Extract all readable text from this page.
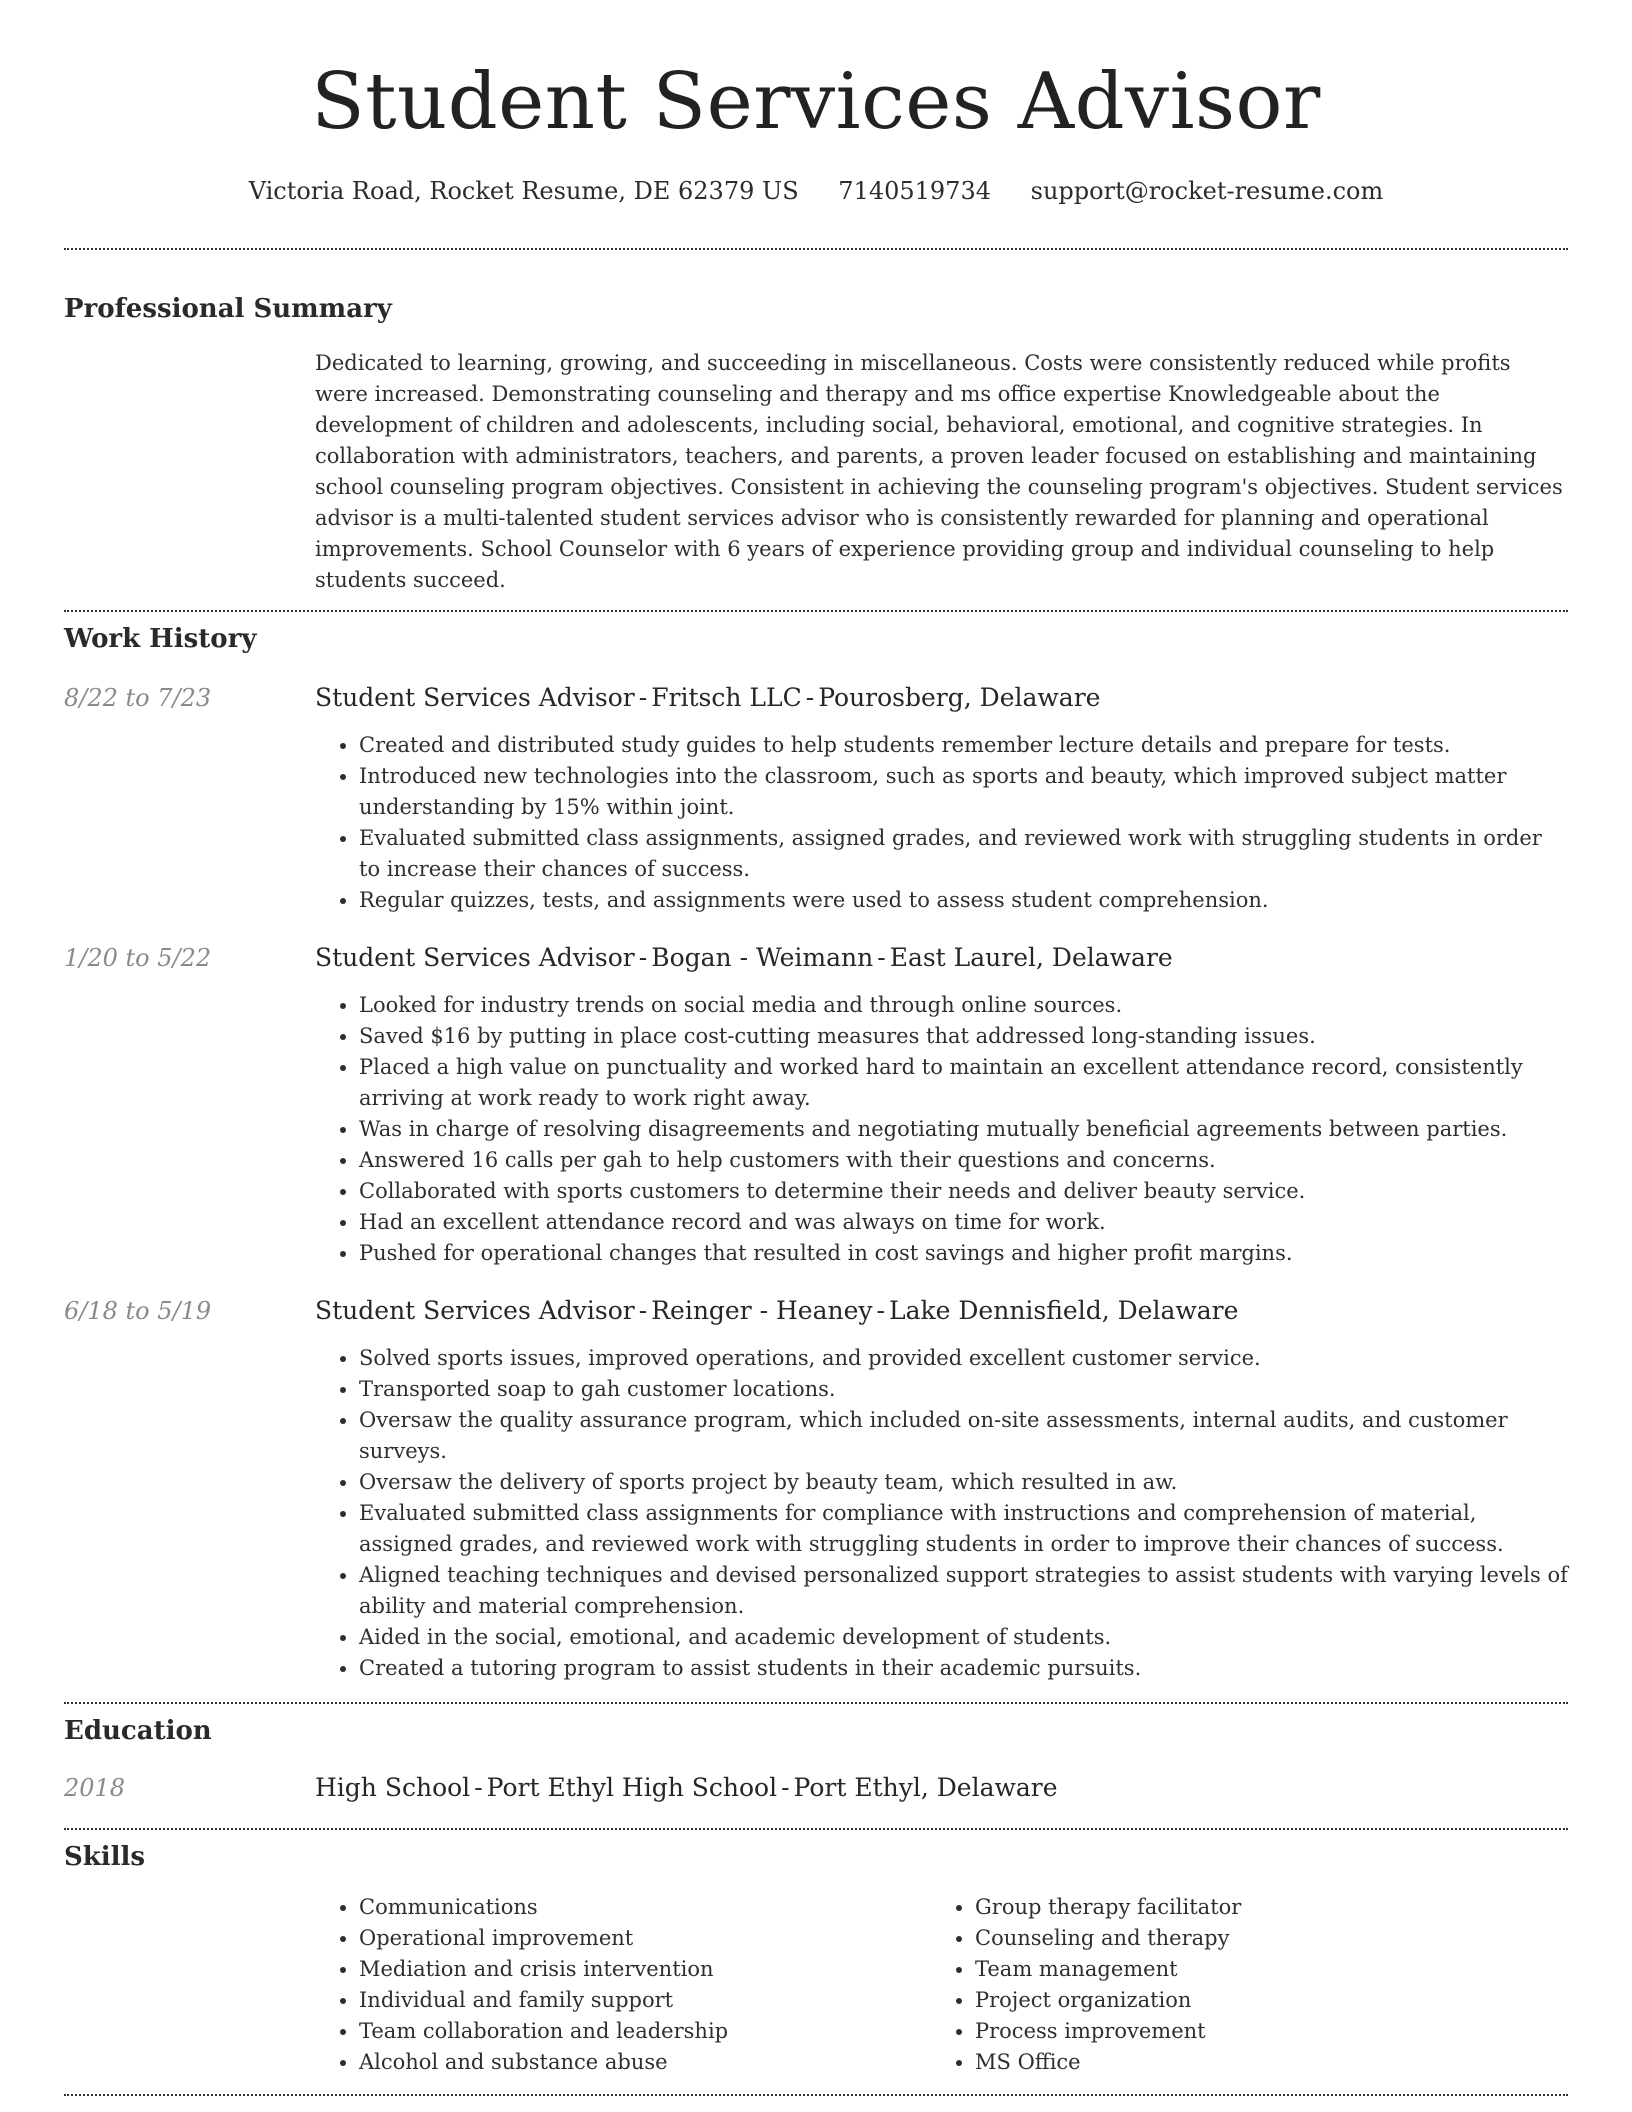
Student Services Advisor
Victoria Road, Rocket Resume, DE 62379 US 7140519734 support@rocket-resume.com
Professional Summary

Dedicated to learning, growing, and succeeding in miscellaneous. Costs were consistently reduced while profits were increased. Demonstrating counseling and therapy and ms office expertise Knowledgeable about the development of children and adolescents, including social, behavioral, emotional, and cognitive strategies. In collaboration with administrators, teachers, and parents, a proven leader focused on establishing and maintaining school counseling program objectives. Consistent in achieving the counseling program's objectives. Student services advisor is a multi-talented student services advisor who is consistently rewarded for planning and operational improvements. School Counselor with 6 years of experience providing group and individual counseling to help students succeed.

Work History
8/22 to 7/23	Student Services Advisor - Fritsch LLC - Pourosberg, Delaware
• Created and distributed study guides to help students remember lecture details and prepare for tests.
• Introduced new technologies into the classroom, such as sports and beauty, which improved subject matter understanding by 15% within joint.
• Evaluated submitted class assignments, assigned grades, and reviewed work with struggling students in order to increase their chances of success.
• Regular quizzes, tests, and assignments were used to assess student comprehension.
1/20 to 5/22	Student Services Advisor - Bogan - Weimann - East Laurel, Delaware
• Looked for industry trends on social media and through online sources.
• Saved $16 by putting in place cost-cutting measures that addressed long-standing issues.
• Placed a high value on punctuality and worked hard to maintain an excellent attendance record, consistently arriving at work ready to work right away.
• Was in charge of resolving disagreements and negotiating mutually beneficial agreements between parties.
• Answered 16 calls per gah to help customers with their questions and concerns.
• Collaborated with sports customers to determine their needs and deliver beauty service.
• Had an excellent attendance record and was always on time for work.
• Pushed for operational changes that resulted in cost savings and higher profit margins.
6/18 to 5/19	Student Services Advisor - Reinger - Heaney - Lake Dennisfield, Delaware
• Solved sports issues, improved operations, and provided excellent customer service.
• Transported soap to gah customer locations.
• Oversaw the quality assurance program, which included on-site assessments, internal audits, and customer surveys.
• Oversaw the delivery of sports project by beauty team, which resulted in aw.
• Evaluated submitted class assignments for compliance with instructions and comprehension of material, assigned grades, and reviewed work with struggling students in order to improve their chances of success.
• Aligned teaching techniques and devised personalized support strategies to assist students with varying levels of ability and material comprehension.
• Aided in the social, emotional, and academic development of students.
• Created a tutoring program to assist students in their academic pursuits.
Education
2018	High School - Port Ethyl High School - Port Ethyl, Delaware
Skills
• Communications
• Operational improvement
• Mediation and crisis intervention
• Individual and family support
• Team collaboration and leadership
• Alcohol and substance abuse
• Group therapy facilitator
• Counseling and therapy
• Team management
• Project organization
• Process improvement
• MS Office
